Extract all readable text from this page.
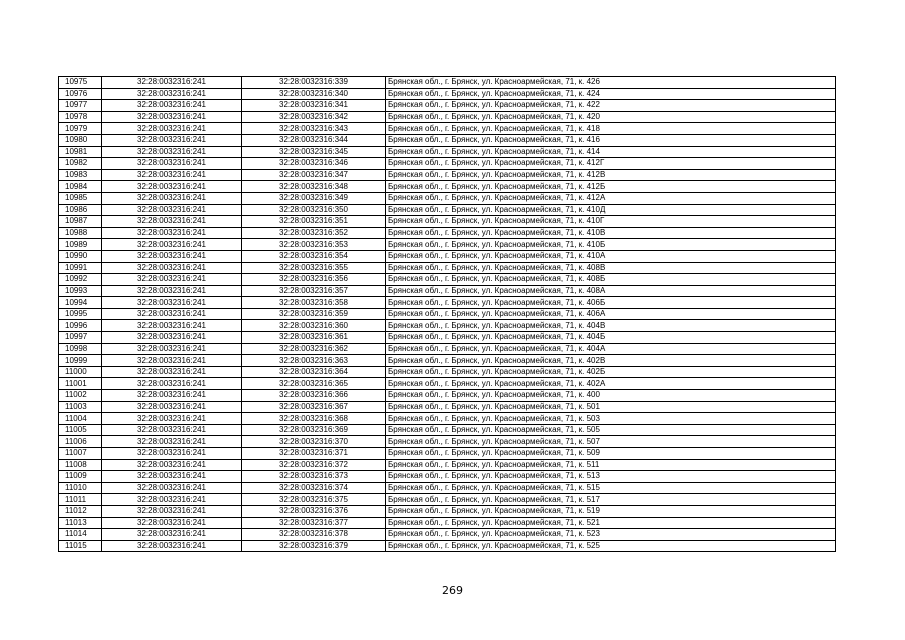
10975	32:28:0032316:241	32:28:0032316:339	Брянская обл., г. Брянск, ул. Красноармейская, 71, к. 426
10976	32:28:0032316:241	32:28:0032316:340	Брянская обл., г. Брянск, ул. Красноармейская, 71, к. 424
10977	32:28:0032316:241	32:28:0032316:341	Брянская обл., г. Брянск, ул. Красноармейская, 71, к. 422
10978	32:28:0032316:241	32:28:0032316:342	Брянская обл., г. Брянск, ул. Красноармейская, 71, к. 420
10979	32:28:0032316:241	32:28:0032316:343	Брянская обл., г. Брянск, ул. Красноармейская, 71, к. 418
10980	32:28:0032316:241	32:28:0032316:344	Брянская обл., г. Брянск, ул. Красноармейская, 71, к. 416
10981	32:28:0032316:241	32:28:0032316:345	Брянская обл., г. Брянск, ул. Красноармейская, 71, к. 414
10982	32:28:0032316:241	32:28:0032316:346	Брянская обл., г. Брянск, ул. Красноармейская, 71, к. 412Г
10983	32:28:0032316:241	32:28:0032316:347	Брянская обл., г. Брянск, ул. Красноармейская, 71, к. 412В
10984	32:28:0032316:241	32:28:0032316:348	Брянская обл., г. Брянск, ул. Красноармейская, 71, к. 412Б
10985	32:28:0032316:241	32:28:0032316:349	Брянская обл., г. Брянск, ул. Красноармейская, 71, к. 412А
10986	32:28:0032316:241	32:28:0032316:350	Брянская обл., г. Брянск, ул. Красноармейская, 71, к. 410Д
10987	32:28:0032316:241	32:28:0032316:351	Брянская обл., г. Брянск, ул. Красноармейская, 71, к. 410Г
10988	32:28:0032316:241	32:28:0032316:352	Брянская обл., г. Брянск, ул. Красноармейская, 71, к. 410В
10989	32:28:0032316:241	32:28:0032316:353	Брянская обл., г. Брянск, ул. Красноармейская, 71, к. 410Б
10990	32:28:0032316:241	32:28:0032316:354	Брянская обл., г. Брянск, ул. Красноармейская, 71, к. 410А
10991	32:28:0032316:241	32:28:0032316:355	Брянская обл., г. Брянск, ул. Красноармейская, 71, к. 408В
10992	32:28:0032316:241	32:28:0032316:356	Брянская обл., г. Брянск, ул. Красноармейская, 71, к. 408Б
10993	32:28:0032316:241	32:28:0032316:357	Брянская обл., г. Брянск, ул. Красноармейская, 71, к. 408А
10994	32:28:0032316:241	32:28:0032316:358	Брянская обл., г. Брянск, ул. Красноармейская, 71, к. 406Б
10995	32:28:0032316:241	32:28:0032316:359	Брянская обл., г. Брянск, ул. Красноармейская, 71, к. 406А
10996	32:28:0032316:241	32:28:0032316:360	Брянская обл., г. Брянск, ул. Красноармейская, 71, к. 404В
10997	32:28:0032316:241	32:28:0032316:361	Брянская обл., г. Брянск, ул. Красноармейская, 71, к. 404Б
10998	32:28:0032316:241	32:28:0032316:362	Брянская обл., г. Брянск, ул. Красноармейская, 71, к. 404А
10999	32:28:0032316:241	32:28:0032316:363	Брянская обл., г. Брянск, ул. Красноармейская, 71, к. 402В
11000	32:28:0032316:241	32:28:0032316:364	Брянская обл., г. Брянск, ул. Красноармейская, 71, к. 402Б
11001	32:28:0032316:241	32:28:0032316:365	Брянская обл., г. Брянск, ул. Красноармейская, 71, к. 402А
11002	32:28:0032316:241	32:28:0032316:366	Брянская обл., г. Брянск, ул. Красноармейская, 71, к. 400
11003	32:28:0032316:241	32:28:0032316:367	Брянская обл., г. Брянск, ул. Красноармейская, 71, к. 501
11004	32:28:0032316:241	32:28:0032316:368	Брянская обл., г. Брянск, ул. Красноармейская, 71, к. 503
11005	32:28:0032316:241	32:28:0032316:369	Брянская обл., г. Брянск, ул. Красноармейская, 71, к. 505
11006	32:28:0032316:241	32:28:0032316:370	Брянская обл., г. Брянск, ул. Красноармейская, 71, к. 507
11007	32:28:0032316:241	32:28:0032316:371	Брянская обл., г. Брянск, ул. Красноармейская, 71, к. 509
11008	32:28:0032316:241	32:28:0032316:372	Брянская обл., г. Брянск, ул. Красноармейская, 71, к. 511
11009	32:28:0032316:241	32:28:0032316:373	Брянская обл., г. Брянск, ул. Красноармейская, 71, к. 513
11010	32:28:0032316:241	32:28:0032316:374	Брянская обл., г. Брянск, ул. Красноармейская, 71, к. 515
11011	32:28:0032316:241	32:28:0032316:375	Брянская обл., г. Брянск, ул. Красноармейская, 71, к. 517
11012	32:28:0032316:241	32:28:0032316:376	Брянская обл., г. Брянск, ул. Красноармейская, 71, к. 519
11013	32:28:0032316:241	32:28:0032316:377	Брянская обл., г. Брянск, ул. Красноармейская, 71, к. 521
11014	32:28:0032316:241	32:28:0032316:378	Брянская обл., г. Брянск, ул. Красноармейская, 71, к. 523
11015	32:28:0032316:241	32:28:0032316:379	Брянская обл., г. Брянск, ул. Красноармейская, 71, к. 525
269
